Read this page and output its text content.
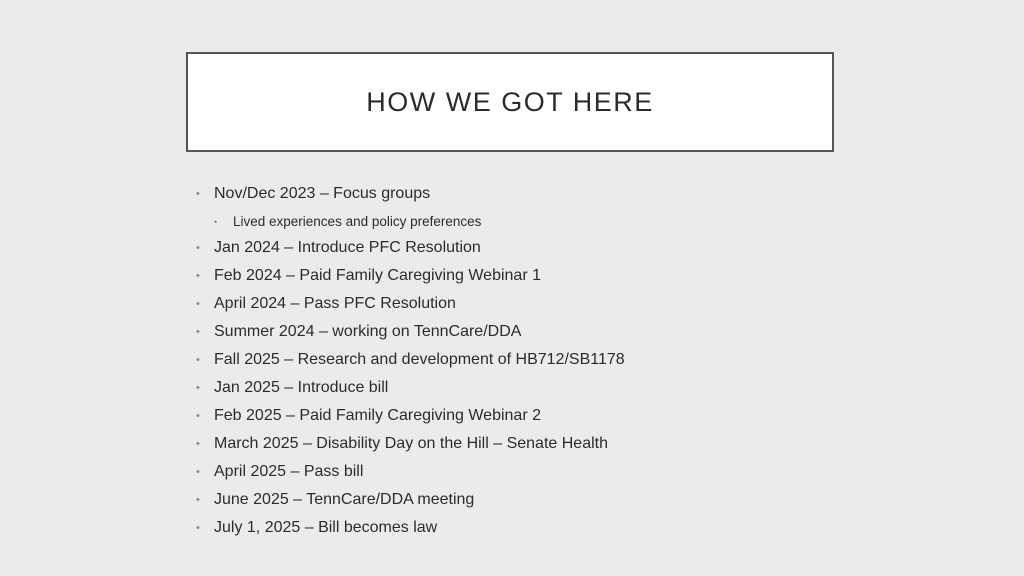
HOW WE GOT HERE
• Nov/Dec 2023 – Focus groups
• Lived experiences and policy preferences
• Jan 2024 – Introduce PFC Resolution
• Feb 2024 – Paid Family Caregiving Webinar 1
• April 2024 – Pass PFC Resolution
• Summer 2024 – working on TennCare/DDA
• Fall 2025 – Research and development of HB712/SB1178
• Jan 2025 – Introduce bill
• Feb 2025 – Paid Family Caregiving Webinar 2
• March 2025 – Disability Day on the Hill – Senate Health
• April 2025 – Pass bill
• June 2025 – TennCare/DDA meeting
• July 1, 2025 – Bill becomes law
